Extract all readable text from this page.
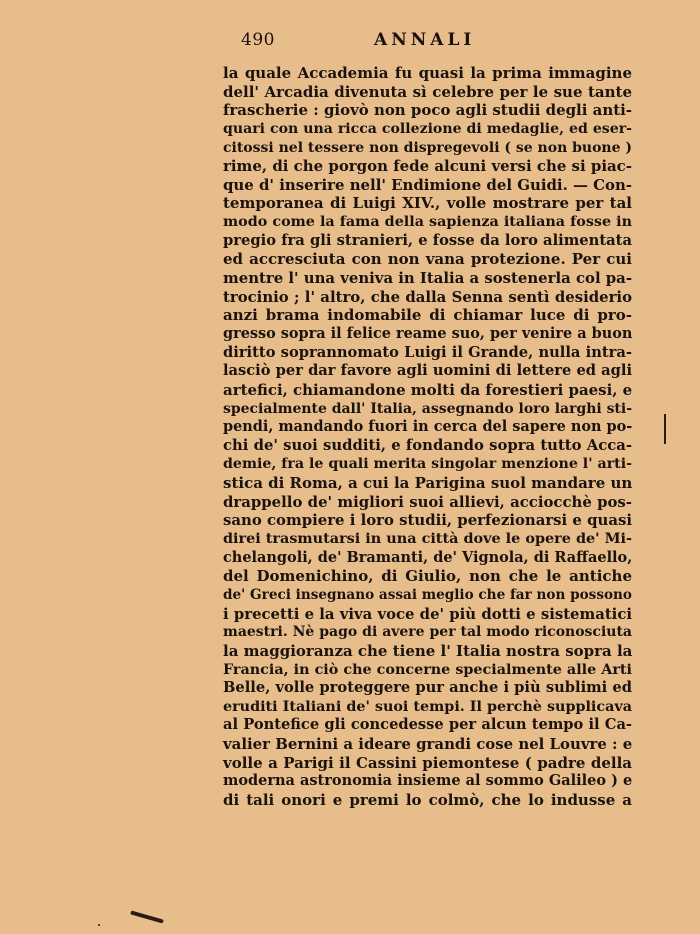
490	ANNALI
la quale Accademia fu quasi la prima immagine
dell' Arcadia divenuta sì celebre per le sue tante
frascherie : giovò non poco agli studii degli anti-
quari con una ricca collezione di medaglie, ed eser-
citossi nel tessere non dispregevoli ( se non buone )
rime, di che porgon fede alcuni versi che si piac-
que d' inserire nell' Endimione del Guidi. — Con-
temporanea di Luigi XIV., volle mostrare per tal
modo come la fama della sapienza italiana fosse in
pregio fra gli stranieri, e fosse da loro alimentata
ed accresciuta con non vana protezione. Per cui
mentre l' una veniva in Italia a sostenerla col pa-
trocinio ; l' altro, che dalla Senna sentì desiderio
anzi brama indomabile di chiamar luce di pro-
gresso sopra il felice reame suo, per venire a buon
diritto soprannomato Luigi il Grande, nulla intra-
lasciò per dar favore agli uomini di lettere ed agli
artefici, chiamandone molti da forestieri paesi, e
specialmente dall' Italia, assegnando loro larghi sti-
pendi, mandando fuori in cerca del sapere non po-
chi de' suoi sudditi, e fondando sopra tutto Acca-
demie, fra le quali merita singolar menzione l' arti-
stica di Roma, a cui la Parigina suol mandare un
drappello de' migliori suoi allievi, acciocchè pos-
sano compiere i loro studii, perfezionarsi e quasi
direi trasmutarsi in una città dove le opere de' Mi-
chelangoli, de' Bramanti, de' Vignola, di Raffaello,
del Domenichino, di Giulio, non che le antiche
de' Greci insegnano assai meglio che far non possono
i precetti e la viva voce de' più dotti e sistematici
maestri. Nè pago di avere per tal modo riconosciuta
la maggioranza che tiene l' Italia nostra sopra la
Francia, in ciò che concerne specialmente alle Arti
Belle, volle proteggere pur anche i più sublimi ed
eruditi Italiani de' suoi tempi. Il perchè supplicava
al Pontefice gli concedesse per alcun tempo il Ca-
valier Bernini a ideare grandi cose nel Louvre : e
volle a Parigi il Cassini piemontese ( padre della
moderna astronomia insieme al sommo Galileo ) e
di tali onori e premi lo colmò, che lo indusse a
